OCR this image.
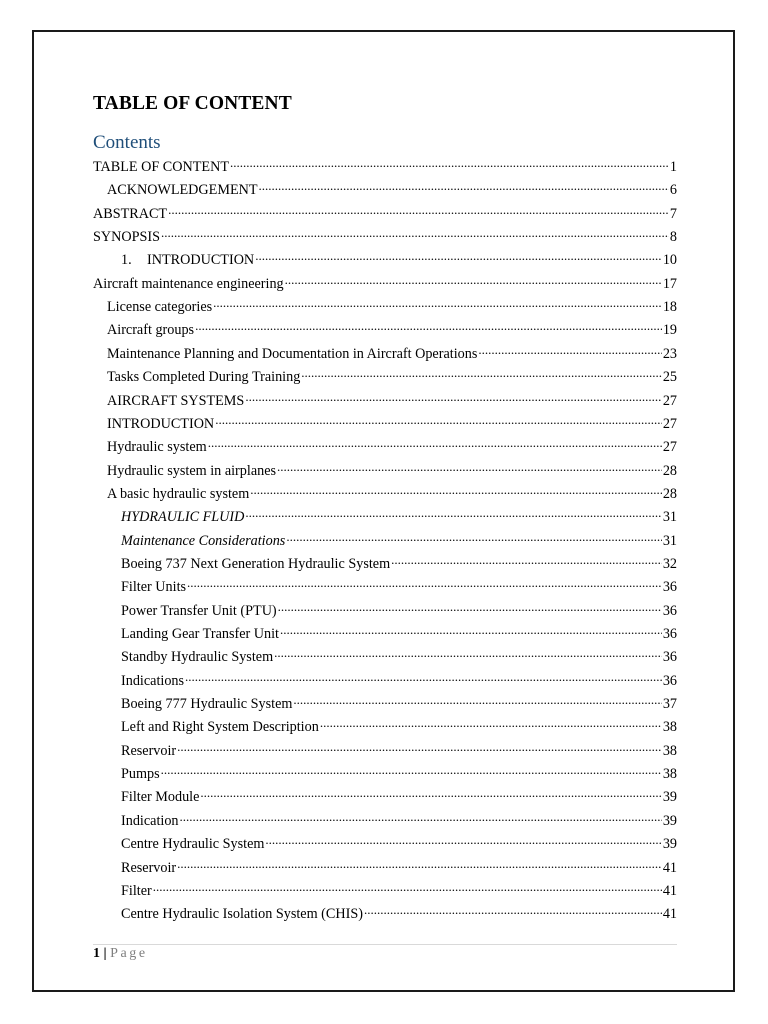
TABLE OF CONTENT
Contents
TABLE OF CONTENT .....	1
ACKNOWLEDGEMENT .....	6
ABSTRACT .....	7
SYNOPSIS .....	8
1. INTRODUCTION .....	10
Aircraft maintenance engineering .....	17
License categories .....	18
Aircraft groups .....	19
Maintenance Planning and Documentation in Aircraft Operations .....	23
Tasks Completed During Training .....	25
AIRCRAFT SYSTEMS .....	27
INTRODUCTION .....	27
Hydraulic system .....	27
Hydraulic system in airplanes .....	28
A basic hydraulic system .....	28
HYDRAULIC FLUID .....	31
Maintenance Considerations .....	31
Boeing 737 Next Generation Hydraulic System .....	32
Filter Units .....	36
Power Transfer Unit (PTU) .....	36
Landing Gear Transfer Unit .....	36
Standby Hydraulic System .....	36
Indications .....	36
Boeing 777 Hydraulic System .....	37
Left and Right System Description .....	38
Reservoir .....	38
Pumps .....	38
Filter Module .....	39
Indication .....	39
Centre Hydraulic System .....	39
Reservoir .....	41
Filter .....	41
Centre Hydraulic Isolation System (CHIS) .....	41
1 | Page
